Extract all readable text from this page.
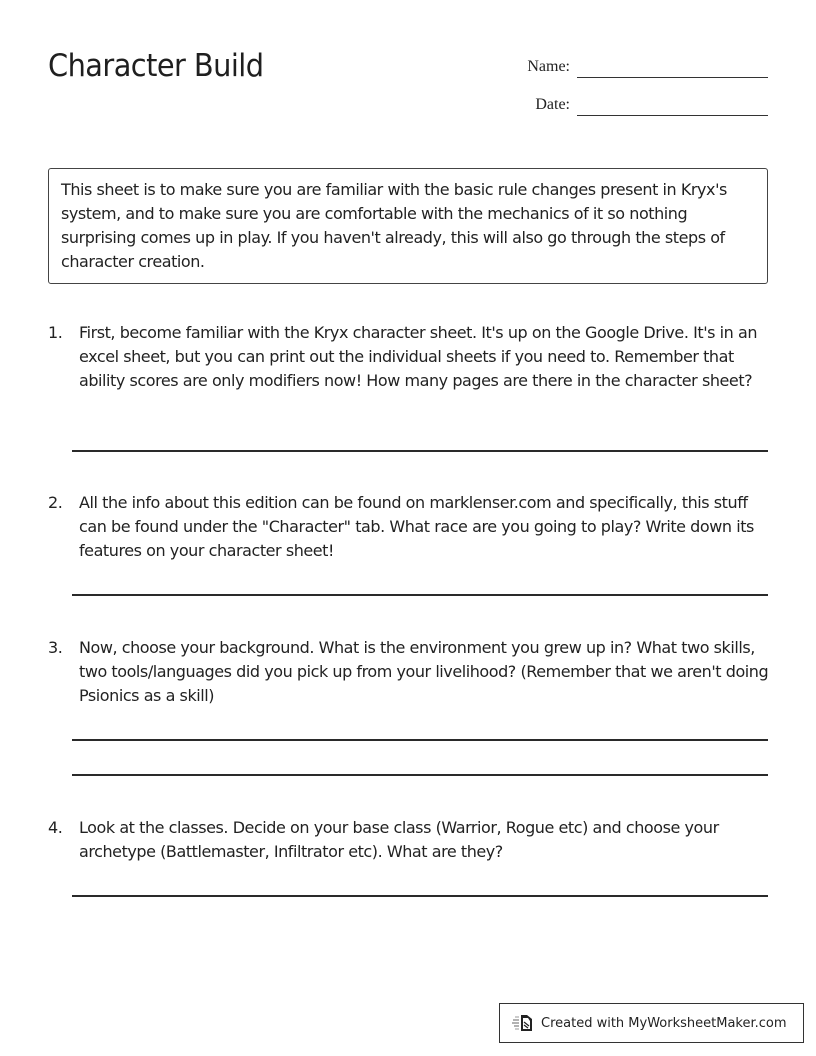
Character Build	Name:
Date:
This sheet is to make sure you are familiar with the basic rule changes present in Kryx's system, and to make sure you are comfortable with the mechanics of it so nothing surprising comes up in play. If you haven't already, this will also go through the steps of character creation.
1. First, become familiar with the Kryx character sheet. It's up on the Google Drive. It's in an excel sheet, but you can print out the individual sheets if you need to. Remember that ability scores are only modifiers now! How many pages are there in the character sheet?
2. All the info about this edition can be found on marklenser.com and specifically, this stuff can be found under the "Character" tab. What race are you going to play? Write down its features on your character sheet!
3. Now, choose your background. What is the environment you grew up in? What two skills, two tools/languages did you pick up from your livelihood? (Remember that we aren't doing Psionics as a skill)
4. Look at the classes. Decide on your base class (Warrior, Rogue etc) and choose your archetype (Battlemaster, Infiltrator etc). What are they?
Created with MyWorksheetMaker.com
